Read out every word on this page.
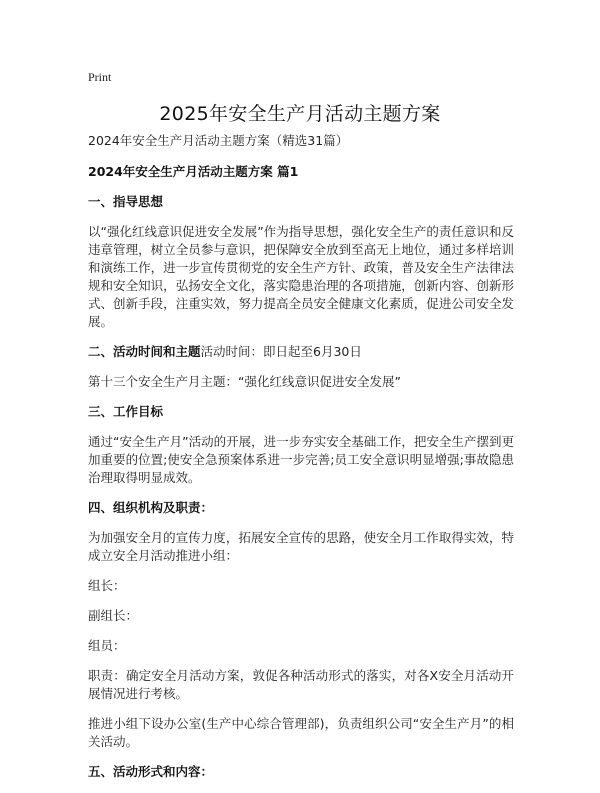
Print
2025年安全生产月活动主题方案

2024年安全生产月活动主题方案（精选31篇）

2024年安全生产月活动主题方案 篇1

一、指导思想

以“强化红线意识促进安全发展”作为指导思想，强化安全生产的责任意识和反违章管理，树立全员参与意识，把保障安全放到至高无上地位，通过多样培训和演练工作，进一步宣传贯彻党的安全生产方针、政策，普及安全生产法律法规和安全知识，弘扬安全文化，落实隐患治理的各项措施，创新内容、创新形式、创新手段，注重实效，努力提高全员安全健康文化素质，促进公司安全发展。

二、活动时间和主题活动时间：即日起至6月30日

第十三个安全生产月主题：“强化红线意识促进安全发展”

三、工作目标

通过“安全生产月”活动的开展，进一步夯实安全基础工作，把安全生产摆到更加重要的位置;使安全急预案体系进一步完善;员工安全意识明显增强;事故隐患治理取得明显成效。

四、组织机构及职责：

为加强安全月的宣传力度，拓展安全宣传的思路，使安全月工作取得实效，特成立安全月活动推进小组：

组长：

副组长：

组员：

职责：确定安全月活动方案，敦促各种活动形式的落实，对各X安全月活动开展情况进行考核。

推进小组下设办公室(生产中心综合管理部)，负责组织公司“安全生产月”的相关活动。

五、活动形式和内容：
